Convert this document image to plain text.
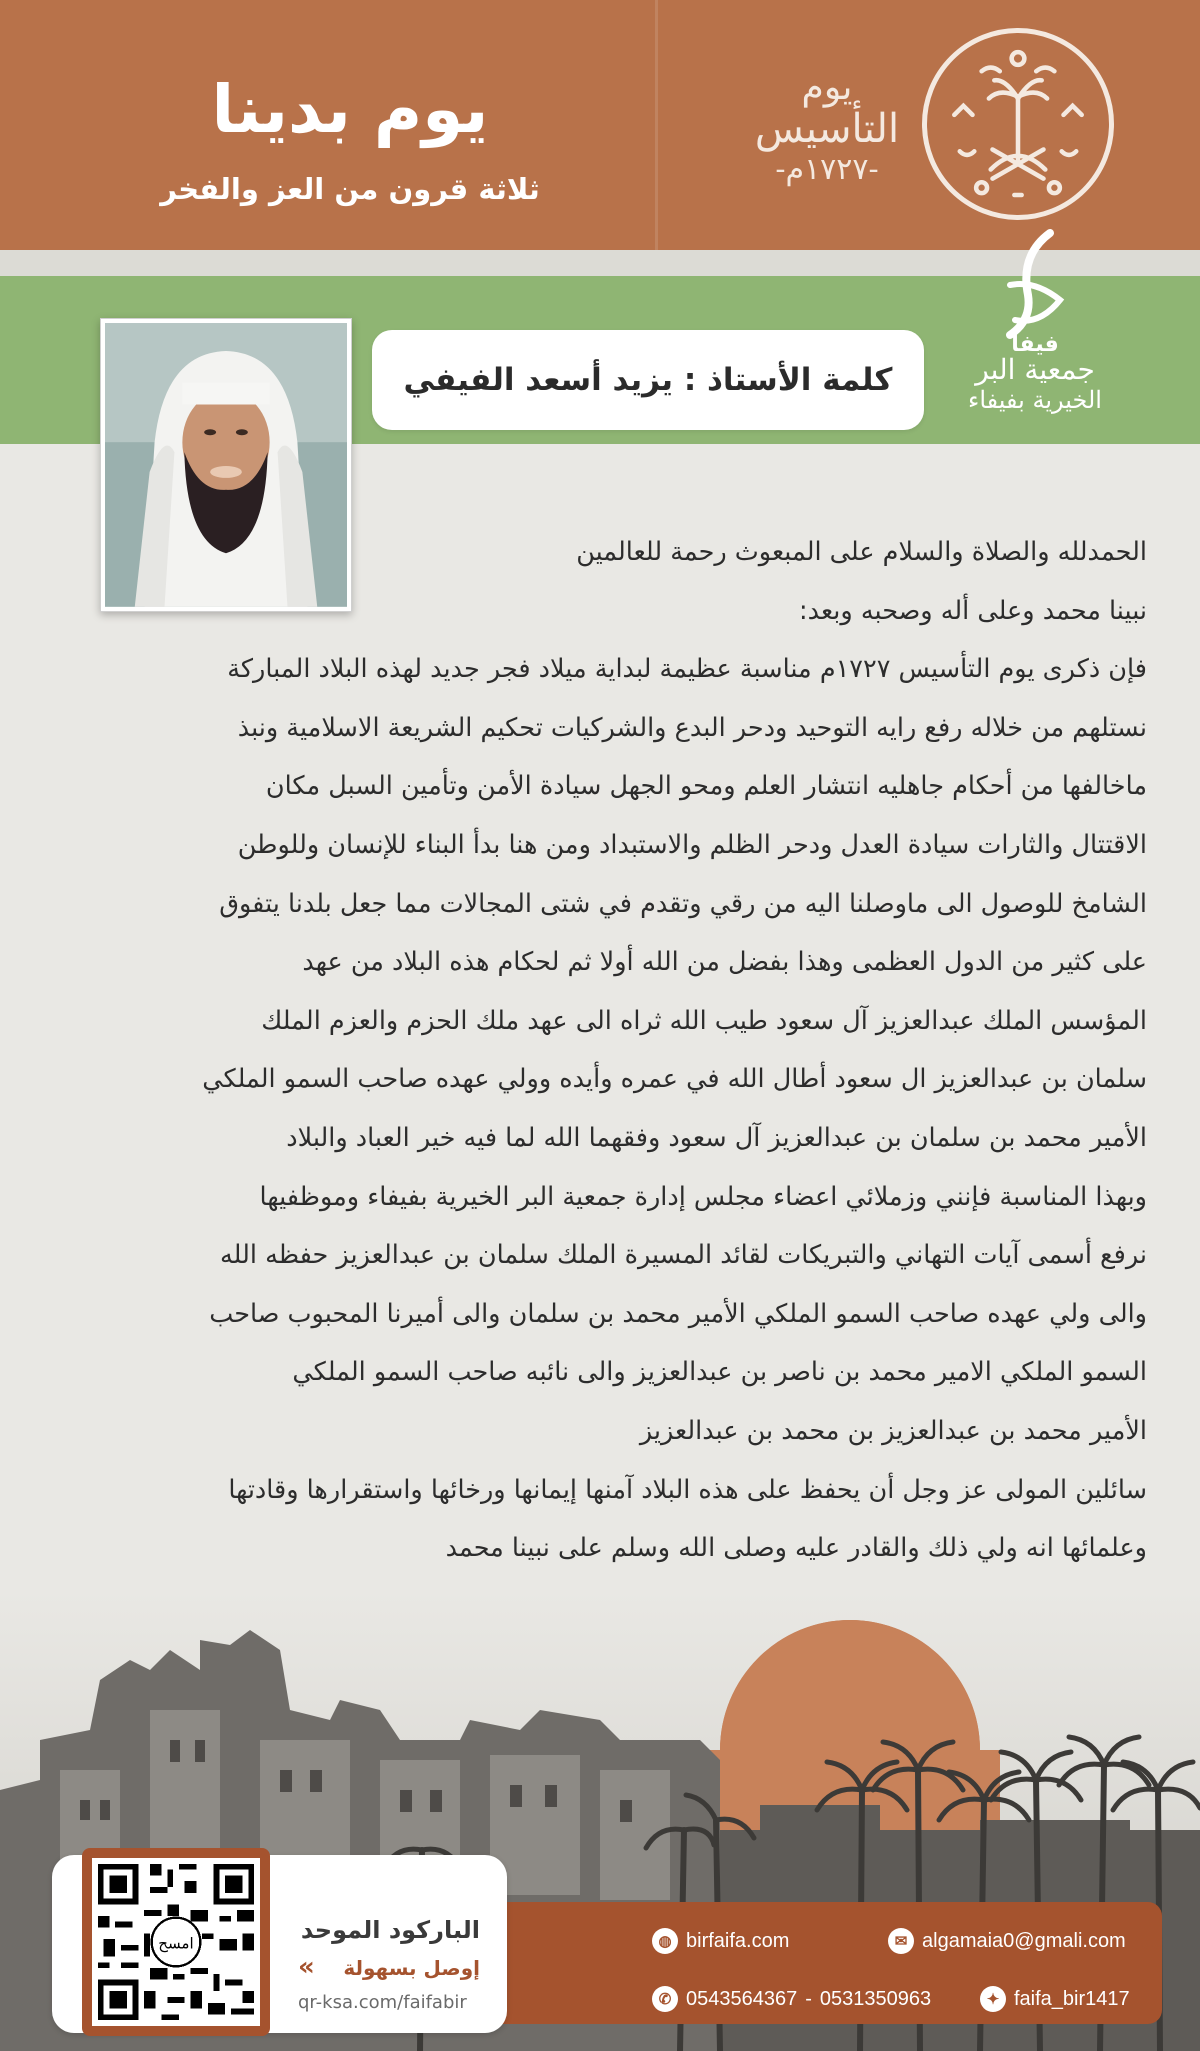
يوم بدينا
ثلاثة قرون من العز والفخر
يوم
التأسيس
-١٧٢٧م-
كلمة الأستاذ : يزيد أسعد الفيفي
فيفا
جمعية البر
الخيرية بفيفاء
الحمدلله والصلاة والسلام على المبعوث رحمة للعالمين
نبينا محمد وعلى أله وصحبه وبعد:
فإن ذكرى يوم التأسيس ١٧٢٧م مناسبة عظيمة لبداية ميلاد فجر جديد لهذه البلاد المباركة
نستلهم من خلاله رفع رايه التوحيد ودحر البدع والشركيات تحكيم الشريعة الاسلامية ونبذ
ماخالفها من أحكام جاهليه انتشار العلم ومحو الجهل سيادة الأمن وتأمين السبل مكان
الاقتتال والثارات سيادة العدل ودحر الظلم والاستبداد ومن هنا بدأ البناء للإنسان وللوطن
الشامخ للوصول الى ماوصلنا اليه من رقي وتقدم في شتى المجالات مما جعل بلدنا يتفوق
على كثير من الدول العظمى وهذا بفضل من الله أولا ثم لحكام هذه البلاد من عهد
المؤسس الملك عبدالعزيز آل سعود طيب الله ثراه الى عهد ملك الحزم والعزم الملك
سلمان بن عبدالعزيز ال سعود أطال الله في عمره وأيده وولي عهده صاحب السمو الملكي
الأمير محمد بن سلمان بن عبدالعزيز آل سعود وفقهما الله لما فيه خير العباد والبلاد
وبهذا المناسبة فإنني وزملائي اعضاء مجلس إدارة جمعية البر الخيرية بفيفاء وموظفيها
نرفع أسمى آيات التهاني والتبريكات لقائد المسيرة الملك سلمان بن عبدالعزيز حفظه الله
والى ولي عهده صاحب السمو الملكي الأمير محمد بن سلمان والى أميرنا المحبوب صاحب
السمو الملكي الامير محمد بن ناصر بن عبدالعزيز والى نائبه صاحب السمو الملكي
الأمير محمد بن عبدالعزيز بن محمد بن عبدالعزيز
سائلين المولى عز وجل أن يحفظ على هذه البلاد آمنها إيمانها ورخائها واستقرارها وقادتها
وعلمائها انه ولي ذلك والقادر عليه وصلى الله وسلم على نبينا محمد
امسح	الباركود الموحد
إوصل بسهولة
«
qr-ksa.com/faifabir
◍ birfaifa.com	✉ algamaia0@gmali.com
✆ 0543564367 - 0531350963	✦ faifa_bir1417
